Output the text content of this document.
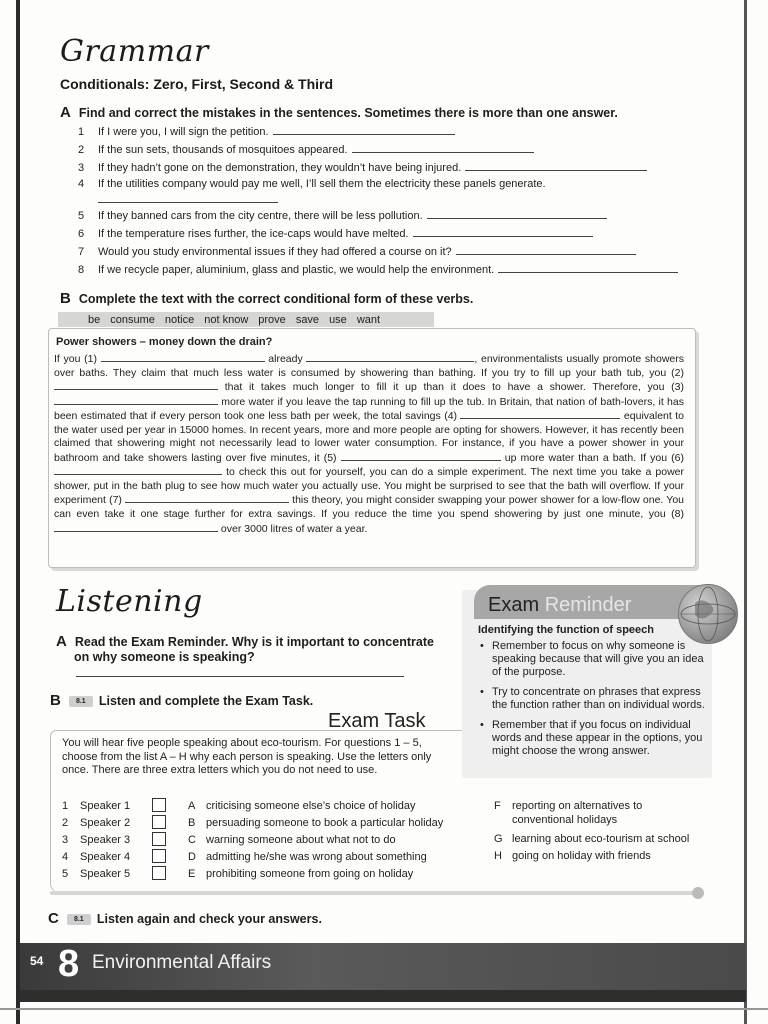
Grammar
Conditionals: Zero, First, Second & Third
A Find and correct the mistakes in the sentences. Sometimes there is more than one answer.
1 If I were you, I will sign the petition.
2 If the sun sets, thousands of mosquitoes appeared.
3 If they hadn’t gone on the demonstration, they wouldn’t have being injured.
4 If the utilities company would pay me well, I’ll sell them the electricity these panels generate.
5 If they banned cars from the city centre, there will be less pollution.
6 If the temperature rises further, the ice-caps would have melted.
7 Would you study environmental issues if they had offered a course on it?
8 If we recycle paper, aluminium, glass and plastic, we would help the environment.
B Complete the text with the correct conditional form of these verbs.
be consume notice not know prove save use want
Power showers – money down the drain?
If you (1)	already	, environmentalists usually promote showers over baths. They claim that much less water is consumed by showering than bathing. If you try to fill up your bath tub, you (2)  that it takes much longer to fill it up than it does to have a shower. Therefore, you (3)  more water if you leave the tap running to fill up the tub. In Britain, that nation of bath-lovers, it has been estimated that if every person took one less bath per week, the total savings (4)	equivalent to the water used per year in 15000 homes. In recent years, more and more people are opting for showers. However, it has recently been claimed that showering might not necessarily lead to lower water consumption. For instance, if you have a power shower in your bathroom and take showers lasting over five minutes, it (5)	up more water than a bath. If you (6)  to check this out for yourself, you can do a simple experiment. The next time you take a power shower, put in the bath plug to see how much water you actually use. You might be surprised to see that the bath will overflow. If your experiment (7)	this theory, you might consider swapping your power shower for a low-flow one. You can even take it one stage further for extra savings. If you reduce the time you spend showering by just one minute, you (8)  over 3000 litres of water a year.
Listening
A Read the Exam Reminder. Why is it important to concentrate
on why someone is speaking?
B 8.1 Listen and complete the Exam Task.
Exam Task
You will hear five people speaking about eco-tourism. For questions 1 – 5, choose from the list A – H why each person is speaking. Use the letters only once. There are three extra letters which you do not need to use.
1 Speaker 1
2 Speaker 2
3 Speaker 3
4 Speaker 4
5 Speaker 5
A criticising someone else’s choice of holiday
B persuading someone to book a particular holiday
C warning someone about what not to do
D admitting he/she was wrong about something
E prohibiting someone from going on holiday
F reporting on alternatives to conventional holidays
G learning about eco-tourism at school
H going on holiday with friends
C 8.1 Listen again and check your answers.
Exam Reminder
Identifying the function of speech
• Remember to focus on why someone is speaking because that will give you an idea of the purpose.
• Try to concentrate on phrases that express the function rather than on individual words.
• Remember that if you focus on individual words and these appear in the options, you might choose the wrong answer.
54 8 Environmental Affairs
